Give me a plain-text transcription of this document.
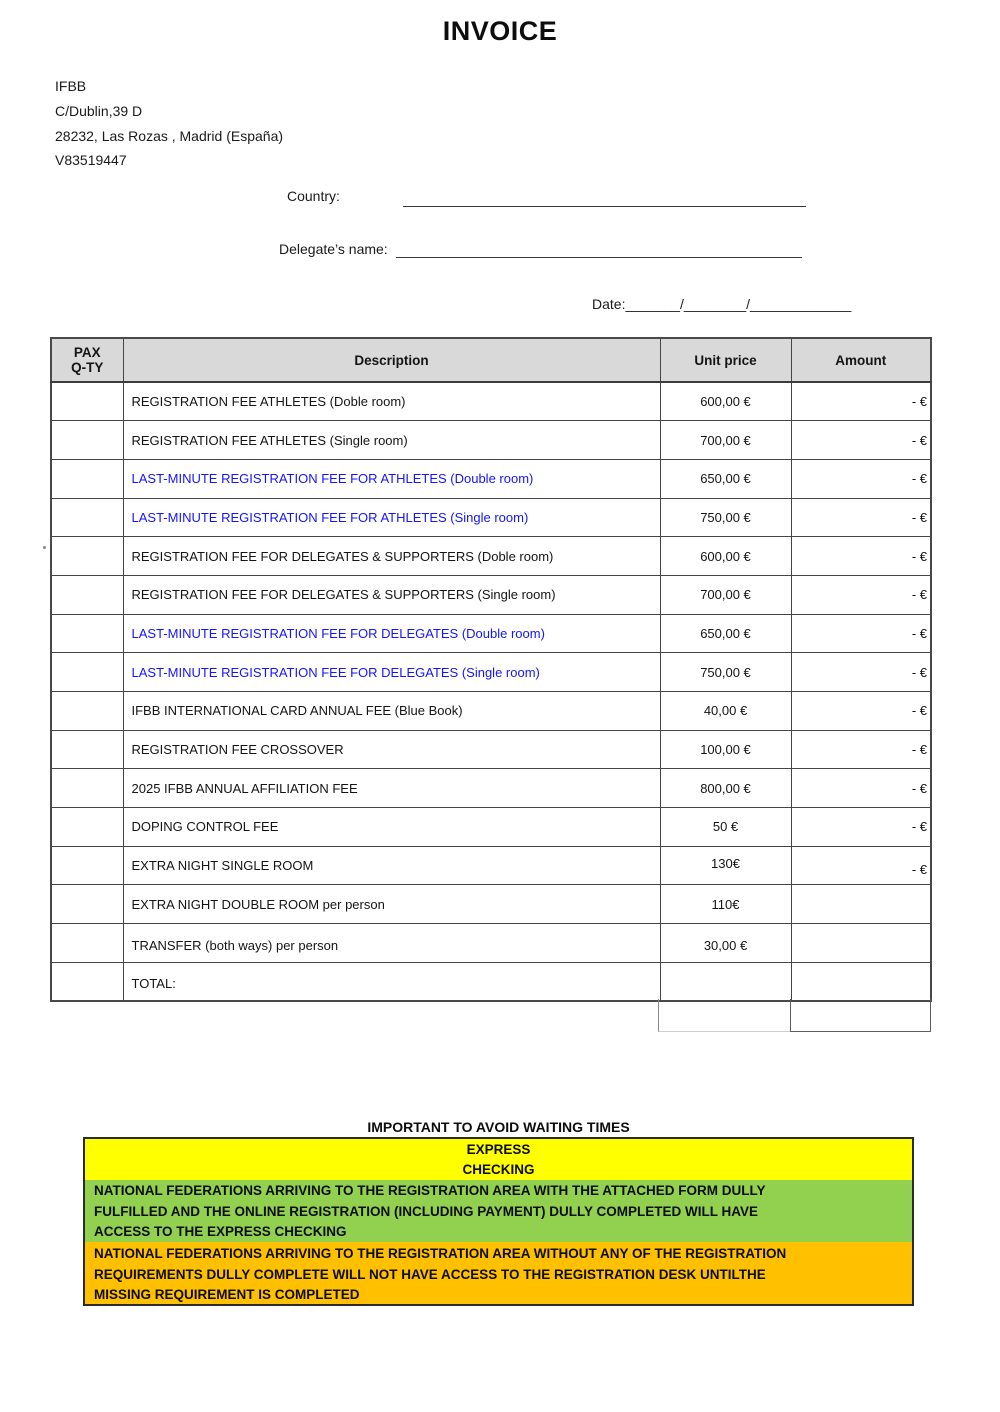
INVOICE
IFBB
C/Dublin,39 D
28232, Las Rozas , Madrid (España)
V83519447
Country:
Delegate’s name:
Date:_______/________/_____________
PAX
Q-TY	Description	Unit price	Amount
	REGISTRATION FEE ATHLETES (Doble room)	600,00 €	- €
	REGISTRATION FEE ATHLETES (Single room)	700,00 €	- €
	LAST-MINUTE REGISTRATION FEE FOR ATHLETES (Double room)	650,00 €	- €
	LAST-MINUTE REGISTRATION FEE FOR ATHLETES (Single room)	750,00 €	- €
	REGISTRATION FEE FOR DELEGATES & SUPPORTERS (Doble room)	600,00 €	- €
	REGISTRATION FEE FOR DELEGATES & SUPPORTERS (Single room)	700,00 €	- €
	LAST-MINUTE REGISTRATION FEE FOR DELEGATES (Double room)	650,00 €	- €
	LAST-MINUTE REGISTRATION FEE FOR DELEGATES (Single room)	750,00 €	- €
	IFBB INTERNATIONAL CARD ANNUAL FEE (Blue Book)	40,00 €	- €
	REGISTRATION FEE CROSSOVER	100,00 €	- €
	2025 IFBB ANNUAL AFFILIATION FEE	800,00 €	- €
	DOPING CONTROL FEE	50 €	- €
	EXTRA NIGHT SINGLE ROOM	130€	- €
	EXTRA NIGHT DOUBLE ROOM per person	110€	
	TRANSFER (both ways) per person	30,00 €	
	TOTAL:		
IMPORTANT TO AVOID WAITING TIMES
EXPRESS
CHECKING
NATIONAL FEDERATIONS ARRIVING TO THE REGISTRATION AREA WITH THE ATTACHED FORM DULLY
FULFILLED AND THE ONLINE REGISTRATION (INCLUDING PAYMENT) DULLY COMPLETED WILL HAVE
ACCESS TO THE EXPRESS CHECKING
NATIONAL FEDERATIONS ARRIVING TO THE REGISTRATION AREA WITHOUT ANY OF THE REGISTRATION
REQUIREMENTS DULLY COMPLETE WILL NOT HAVE ACCESS TO THE REGISTRATION DESK UNTILTHE
MISSING REQUIREMENT IS COMPLETED
